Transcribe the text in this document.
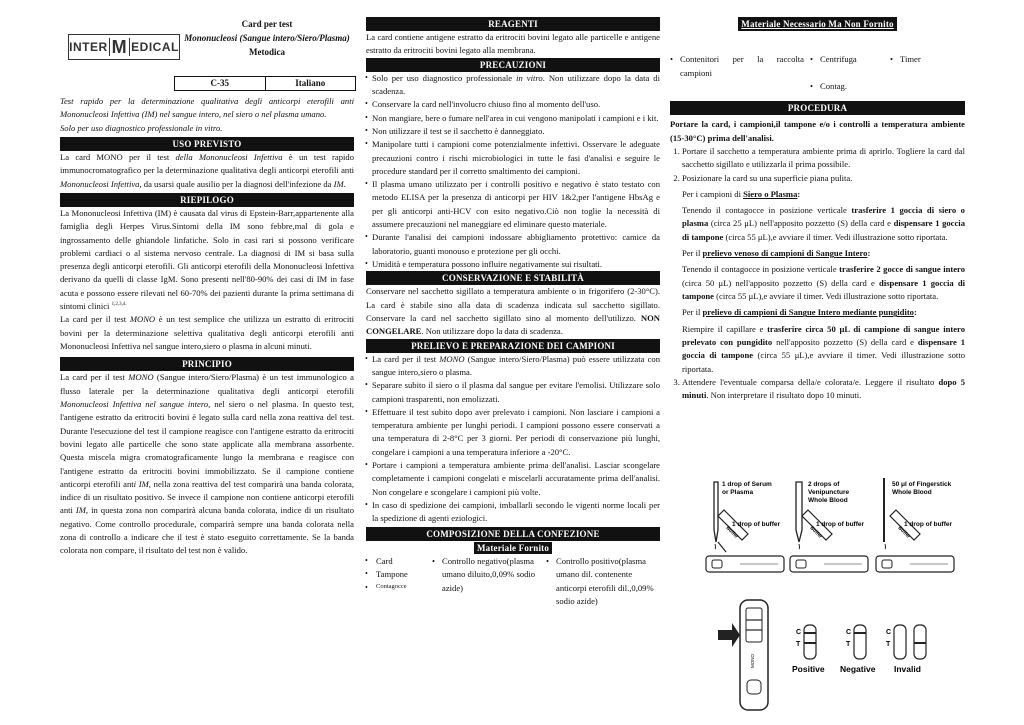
INTER M EDICAL
Card per test
Mononucleosi (Sangue intero/Siero/Plasma)
Metodica
C-35	Italiano

Test rapido per la determinazione qualitativa degli anticorpi eterofili anti Mononucleosi Infettiva (IM) nel sangue intero, nel siero o nel plasma umano.

Solo per uso diagnostico professionale in vitro.

USO PREVISTO

La card MONO per il test della Mononucleosi Infettiva è un test rapido immunocromatografico per la determinazione qualitativa degli anticorpi eterofili anti Mononucleosi Infettiva, da usarsi quale ausilio per la diagnosi dell'infezione da IM.

RIEPILOGO

La Mononucleosi Infettiva (IM) è causata dal virus di Epstein-Barr,appartenente alla famiglia degli Herpes Virus.Sintomi della IM sono febbre,mal di gola e ingrossamento delle ghiandole linfatiche. Solo in casi rari si possono verificare problemi cardiaci o al sistema nervoso centrale. La diagnosi di IM si basa sulla presenza degli anticorpi eterofili. Gli anticorpi eterofili della Mononucleosi Infettiva derivano da quelli di classe IgM. Sono presenti nell'80-90% dei casi di IM in fase acuta e possono essere rilevati nel 60-70% dei pazienti durante la prima settimana di sintomi clinici $^{1,2,3,4.}$

La card per il test MONO è un test semplice che utilizza un estratto di eritrociti bovini per la determinazione selettiva qualitativa degli anticorpi eterofili anti Mononucleosi Infettiva nel sangue intero,siero o plasma in alcuni minuti.

PRINCIPIO

La card per il test MONO (Sangue intero/Siero/Plasma) è un test immunologico a flusso laterale per la determinazione qualitativa degli anticorpi eterofili Mononucleosi Infettiva nel sangue intero, nel siero o nel plasma. In questo test, l'antigene estratto da eritrociti bovini è legato sulla card nella zona reattiva del test. Durante l'esecuzione del test il campione reagisce con l'antigene estratto da eritrociti bovini legato alle particelle che sono state applicate alla membrana assorbente. Questa miscela migra cromatograficamente lungo la membrana e reagisce con l'antigene estratto da eritrociti bovini immobilizzato. Se il campione contiene anticorpi eterofili anti IM, nella zona reattiva del test comparirà una banda colorata, indice di un risultato positivo. Se invece il campione non contiene anticorpi eterofili anti IM, in questa zona non comparirà alcuna banda colorata, indice di un risultato negativo. Come controllo procedurale, comparirà sempre una banda colorata nella zona di controllo a indicare che il test è stato eseguito correttamente. Se la banda colorata non compare, il risultato del test non è valido.

REAGENTI

La card contiene antigene estratto da eritrociti bovini legato alle particelle e antigene estratto da eritrociti bovini legato alla membrana.

PRECAUZIONI
• Solo per uso diagnostico professionale in vitro. Non utilizzare dopo la data di scadenza.
• Conservare la card nell'involucro chiuso fino al momento dell'uso.
• Non mangiare, bere o fumare nell'area in cui vengono manipolati i campioni e i kit.
• Non utilizzare il test se il sacchetto è danneggiato.
• Manipolare tutti i campioni come potenzialmente infettivi. Osservare le adeguate precauzioni contro i rischi microbiologici in tutte le fasi d'analisi e seguire le procedure standard per il corretto smaltimento dei campioni.
• Il plasma umano utilizzato per i controlli positivo e negativo è stato testato con metodo ELISA per la presenza di anticorpi per HIV 1&2,per l'antigene HbsAg e per gli anticorpi anti-HCV con esito negativo.Ciò non toglie la necessità di assumere precauzioni nel maneggiare ed eliminare questo materiale.
• Durante l'analisi dei campioni indossare abbigliamento protettivo: camice da laboratorio, guanti monouso e protezione per gli occhi.
• Umidità e temperatura possono influire negativamente sui risultati.
CONSERVAZIONE E STABILITÀ

Conservare nel sacchetto sigillato a temperatura ambiente o in frigorifero (2-30°C). La card è stabile sino alla data di scadenza indicata sul sacchetto sigillato. Conservare la card nel sacchetto sigillato sino al momento dell'utilizzo. NON CONGELARE. Non utilizzare dopo la data di scadenza.

PRELIEVO E PREPARAZIONE DEI CAMPIONI
• La card per il test MONO (Sangue intero/Siero/Plasma) può essere utilizzata con sangue intero,siero o plasma.
• Separare subito il siero o il plasma dal sangue per evitare l'emolisi. Utilizzare solo campioni trasparenti, non emolizzati.
• Effettuare il test subito dopo aver prelevato i campioni. Non lasciare i campioni a temperatura ambiente per lunghi periodi. I campioni possono essere conservati a una temperatura di 2-8°C per 3 giorni. Per periodi di conservazione più lunghi, congelare i campioni a una temperatura inferiore a -20°C.
• Portare i campioni a temperatura ambiente prima dell'analisi. Lasciar scongelare completamente i campioni congelati e miscelarli accuratamente prima dell'analisi. Non congelare e scongelare i campioni più volte.
• In caso di spedizione dei campioni, imballarli secondo le vigenti norme locali per la spedizione di agenti eziologici.
COMPOSIZIONE DELLA CONFEZIONE
Materiale Fornito
• Card
• Tampone
• Contagocce
• Controllo negativo(plasma umano diluito,0,09% sodio azide)
• Controllo positivo(plasma umano dil. contenente anticorpi eterofili dil.,0,09% sodio azide)
Materiale Necessario Ma Non Fornito
• Contenitori per la raccolta campioni
• Centrifuga
•	Timer
• Contag.
PROCEDURA

Portare la card, i campioni,il tampone e/o i controlli a temperatura ambiente (15-30°C) prima dell'analisi.

1. Portare il sacchetto a temperatura ambiente prima di aprirlo. Togliere la card dal sacchetto sigillato e utilizzarla il prima possibile.
2. Posizionare la card su una superficie piana pulita.
Per i campioni di Siero o Plasma:

Tenendo il contagocce in posizione verticale trasferire 1 goccia di siero o plasma (circa 25 μL) nell'apposito pozzetto (S) della card e dispensare 1 goccia di tampone (circa 55 μL),e avviare il timer. Vedi illustrazione sotto riportata.

Per il prelievo venoso di campioni di Sangue Intero:

Tenendo il contagocce in posizione verticale trasferire 2 gocce di sangue intero (circa 50 μL) nell'apposito pozzetto (S) della card e dispensare 1 goccia di tampone (circa 55 μL),e avviare il timer. Vedi illustrazione sotto riportata.

Per il prelievo di campioni di Sangue Intero mediante pungidito:

Riempire il capillare e trasferire circa 50 μL di campione di sangue intero prelevato con pungidito nell'apposito pozzetto (S) della card e dispensare 1 goccia di tampone (circa 55 μL),e avviare il timer. Vedi illustrazione sotto riportata.

3. Attendere l'eventuale comparsa della/e colorata/e. Leggere il risultato dopo 5 minuti. Non interpretare il risultato dopo 10 minuti.
1 drop of Serum
or Plasma
1 drop of buffer
Buffer
2 drops of
Venipuncture
Whole Blood
1 drop of buffer
Buffer
50 μl of Fingerstick
Whole Blood
1 drop of buffer
Buffer
MONO
C
T
Positive
C
T
Negative
C
T
Invalid
